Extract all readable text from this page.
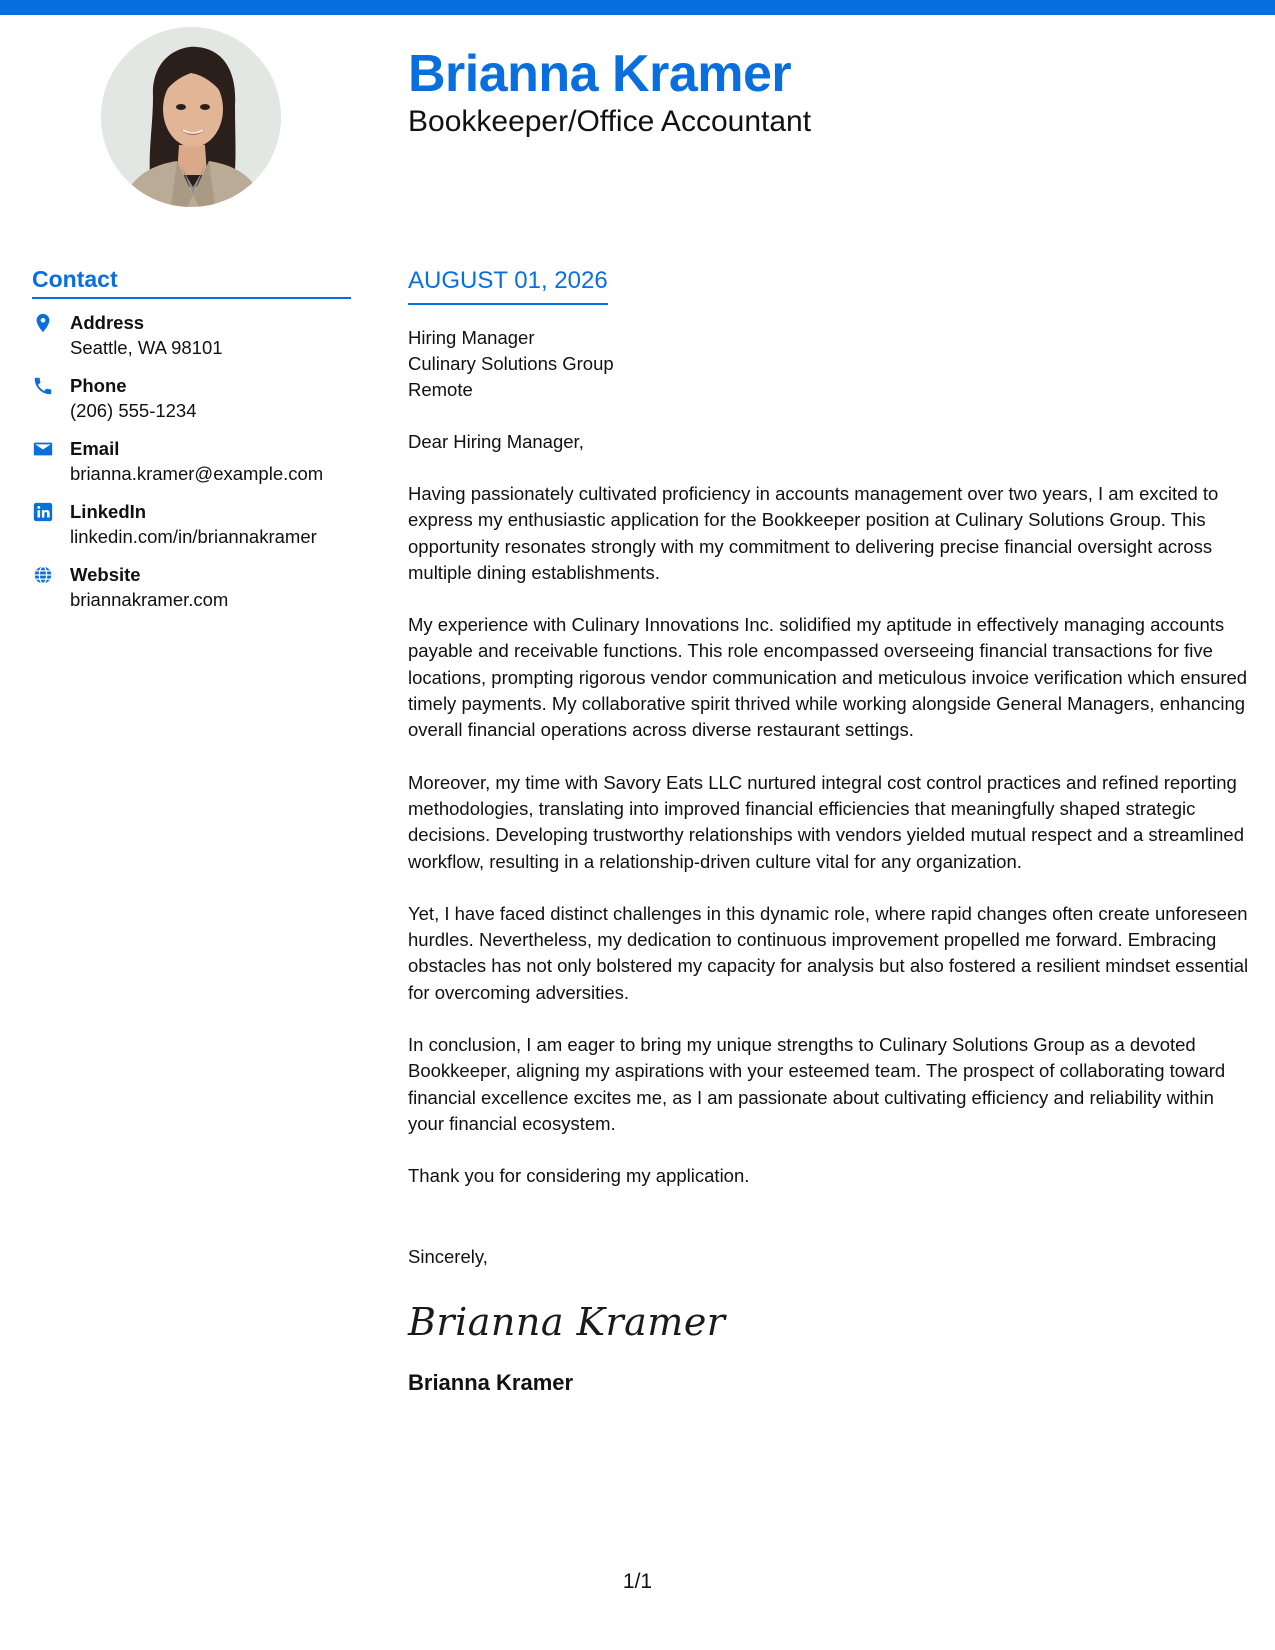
Brianna Kramer
Bookkeeper/Office Accountant
Contact
Address
Seattle, WA 98101
Phone
(206) 555-1234
Email
brianna.kramer@example.com
LinkedIn
linkedin.com/in/briannakramer
Website
briannakramer.com
AUGUST 01, 2026
Hiring Manager
Culinary Solutions Group
Remote
Dear Hiring Manager,

Having passionately cultivated proficiency in accounts management over two years, I am excited to express my enthusiastic application for the Bookkeeper position at Culinary Solutions Group. This opportunity resonates strongly with my commitment to delivering precise financial oversight across multiple dining establishments.

My experience with Culinary Innovations Inc. solidified my aptitude in effectively managing accounts payable and receivable functions. This role encompassed overseeing financial transactions for five locations, prompting rigorous vendor communication and meticulous invoice verification which ensured timely payments. My collaborative spirit thrived while working alongside General Managers, enhancing overall financial operations across diverse restaurant settings.

Moreover, my time with Savory Eats LLC nurtured integral cost control practices and refined reporting methodologies, translating into improved financial efficiencies that meaningfully shaped strategic decisions. Developing trustworthy relationships with vendors yielded mutual respect and a streamlined workflow, resulting in a relationship-driven culture vital for any organization.

Yet, I have faced distinct challenges in this dynamic role, where rapid changes often create unforeseen hurdles. Nevertheless, my dedication to continuous improvement propelled me forward. Embracing obstacles has not only bolstered my capacity for analysis but also fostered a resilient mindset essential for overcoming adversities.

In conclusion, I am eager to bring my unique strengths to Culinary Solutions Group as a devoted Bookkeeper, aligning my aspirations with your esteemed team. The prospect of collaborating toward financial excellence excites me, as I am passionate about cultivating efficiency and reliability within your financial ecosystem.

Thank you for considering my application.

Sincerely,
Brianna Kramer
Brianna Kramer
1/1
